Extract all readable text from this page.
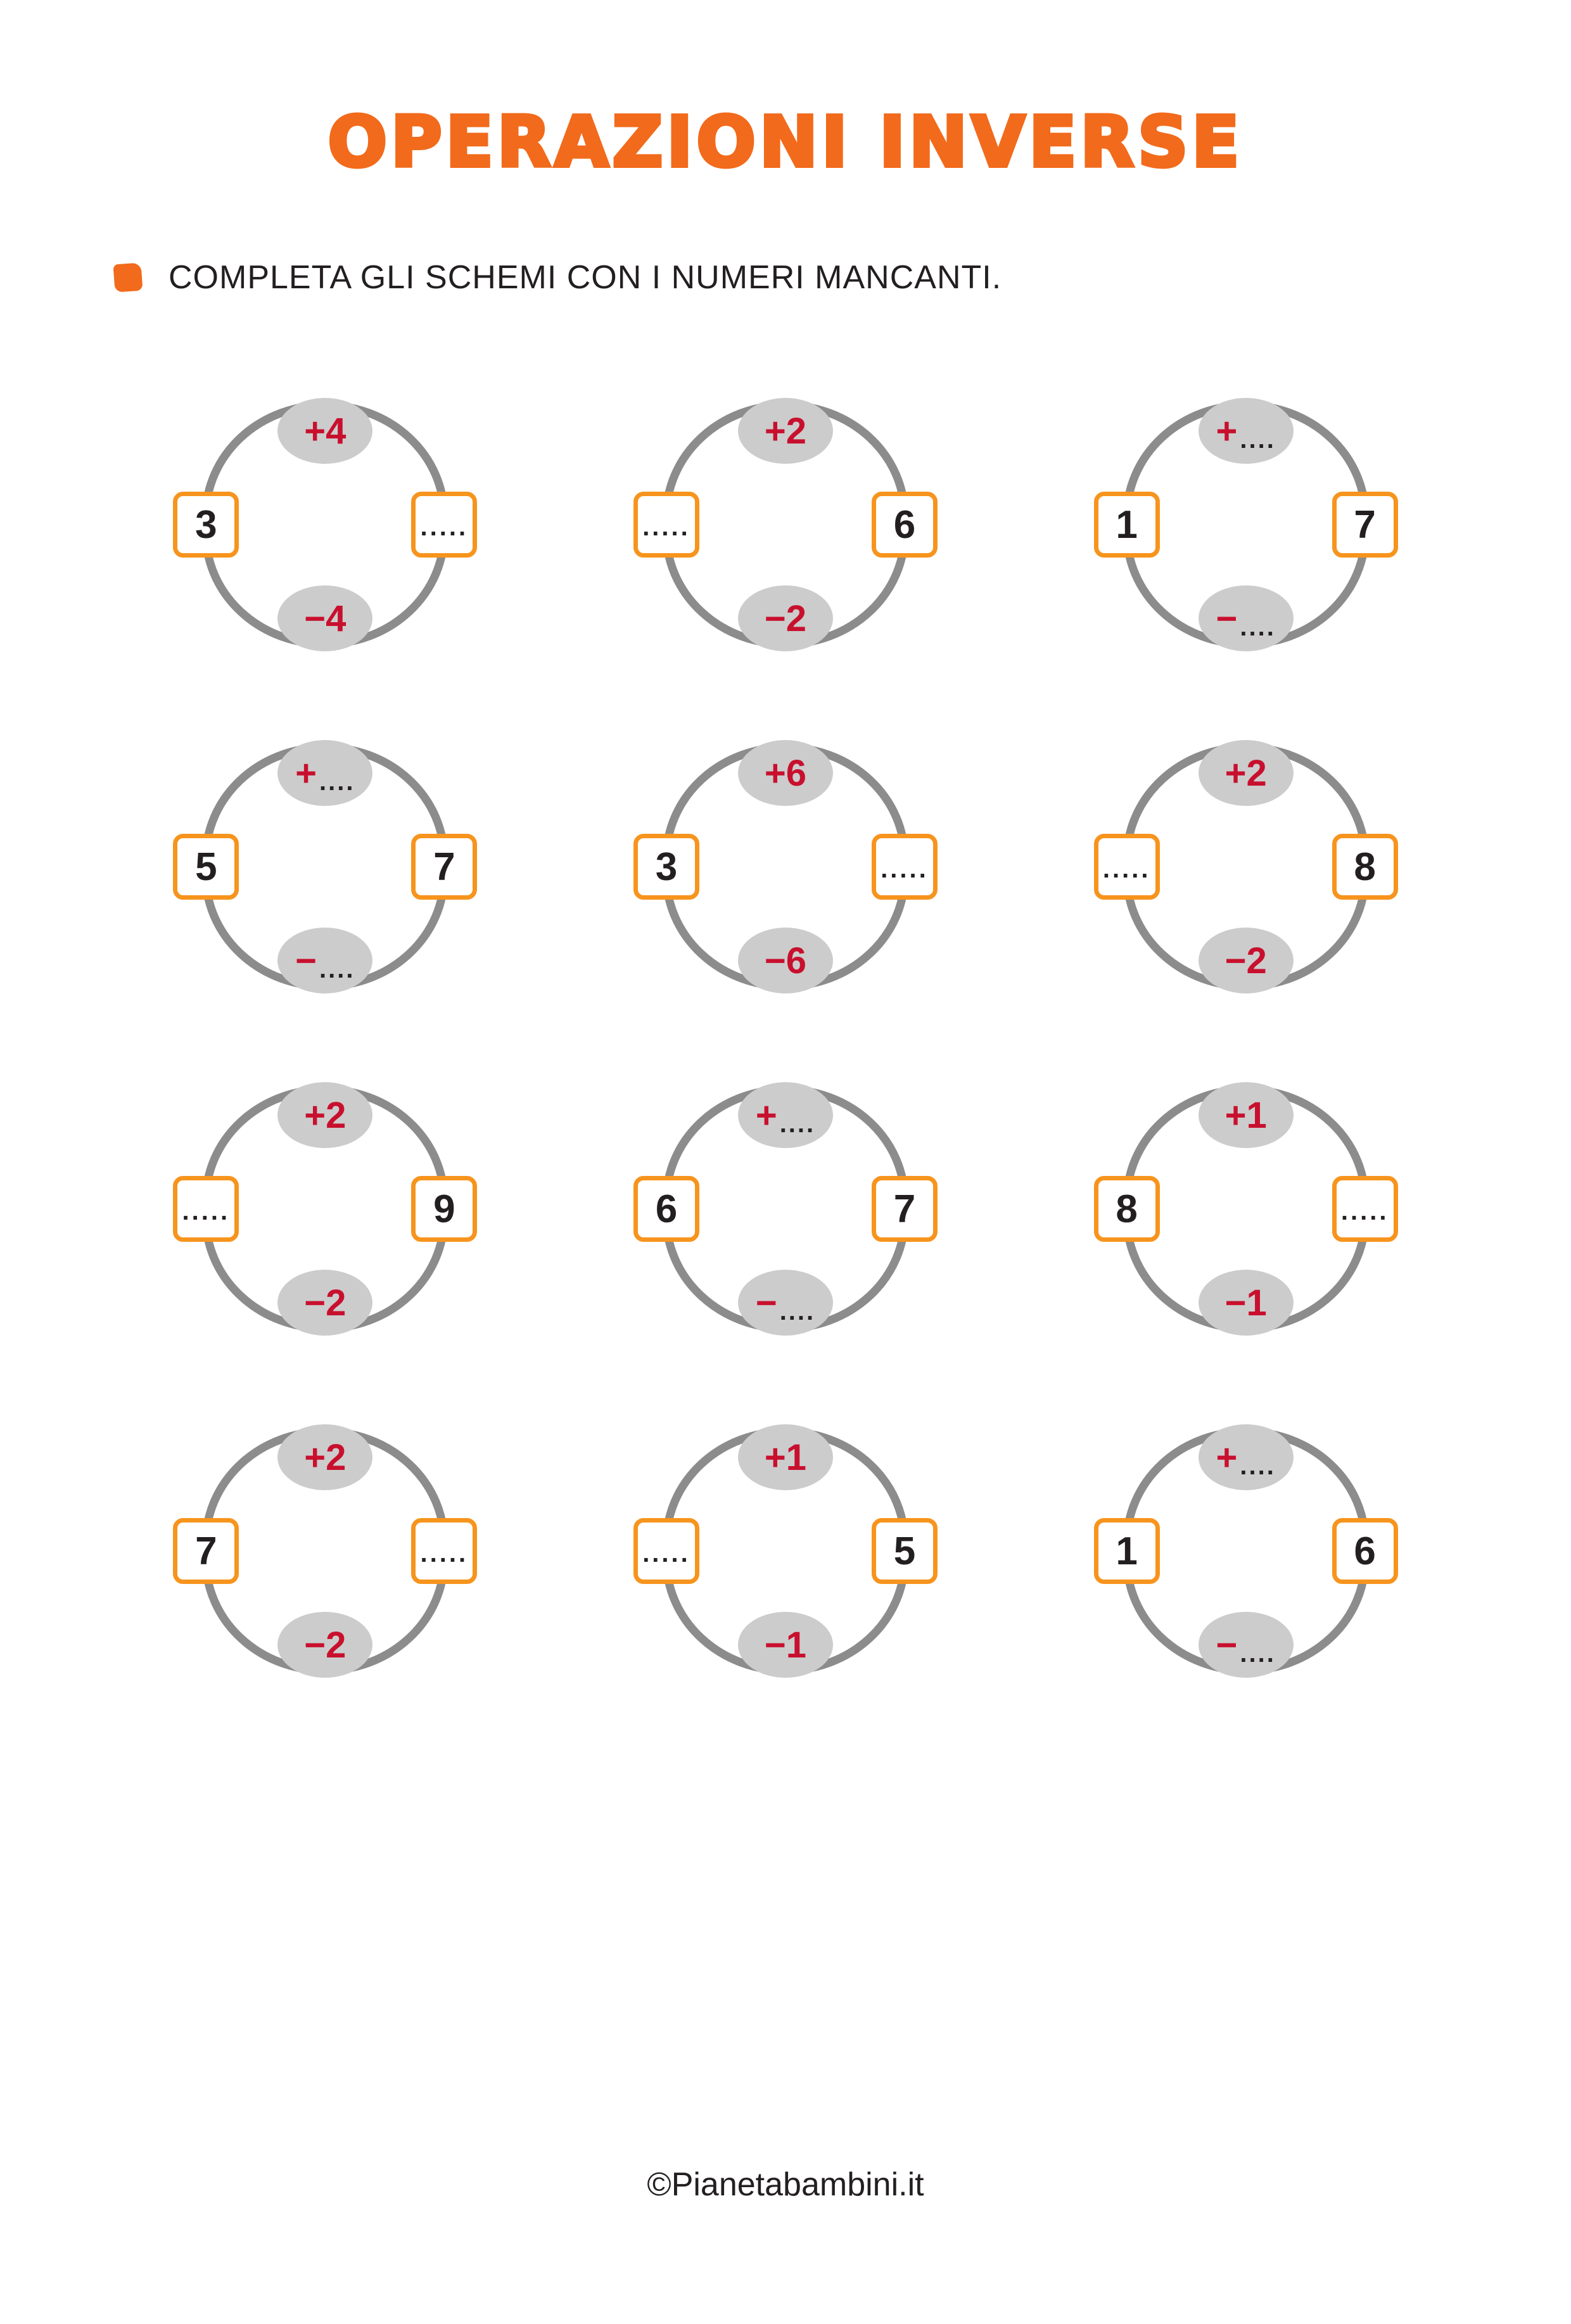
OPERAZIONI INVERSE
COMPLETA GLI SCHEMI CON I NUMERI MANCANTI.
3	.....
+4
−4
.....	6
+2
−2
1	7
+ ....
− ....
5	7
+ ....
− ....
3	.....
+6
−6
.....	8
+2
−2
.....	9
+2
−2
6	7
+ ....
− ....
8	.....
+1
−1
7	.....
+2
−2
.....	5
+1
−1
1	6
+ ....
− ....
©Pianetabambini.it
